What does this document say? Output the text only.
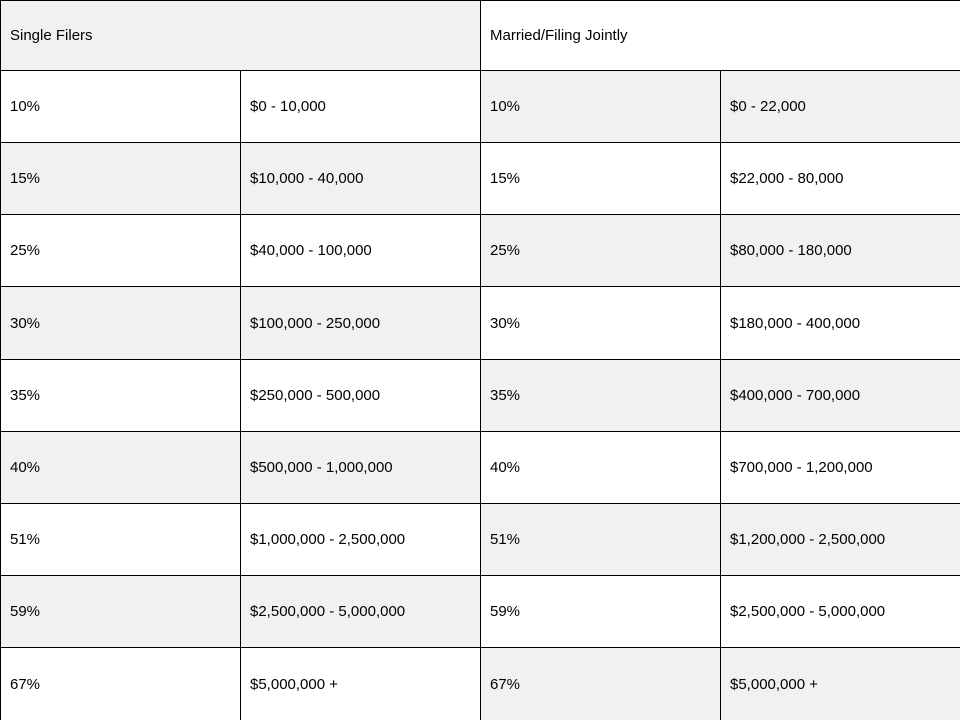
Single Filers		Married/Filing Jointly	
10%	$0 - 10,000	10%	$0 - 22,000
15%	$10,000 - 40,000	15%	$22,000 - 80,000
25%	$40,000 - 100,000	25%	$80,000 - 180,000
30%	$100,000 - 250,000	30%	$180,000 - 400,000
35%	$250,000 - 500,000	35%	$400,000 - 700,000
40%	$500,000 - 1,000,000	40%	$700,000 - 1,200,000
51%	$1,000,000 - 2,500,000	51%	$1,200,000 - 2,500,000
59%	$2,500,000 - 5,000,000	59%	$2,500,000 - 5,000,000
67%	$5,000,000 +	67%	$5,000,000 +
